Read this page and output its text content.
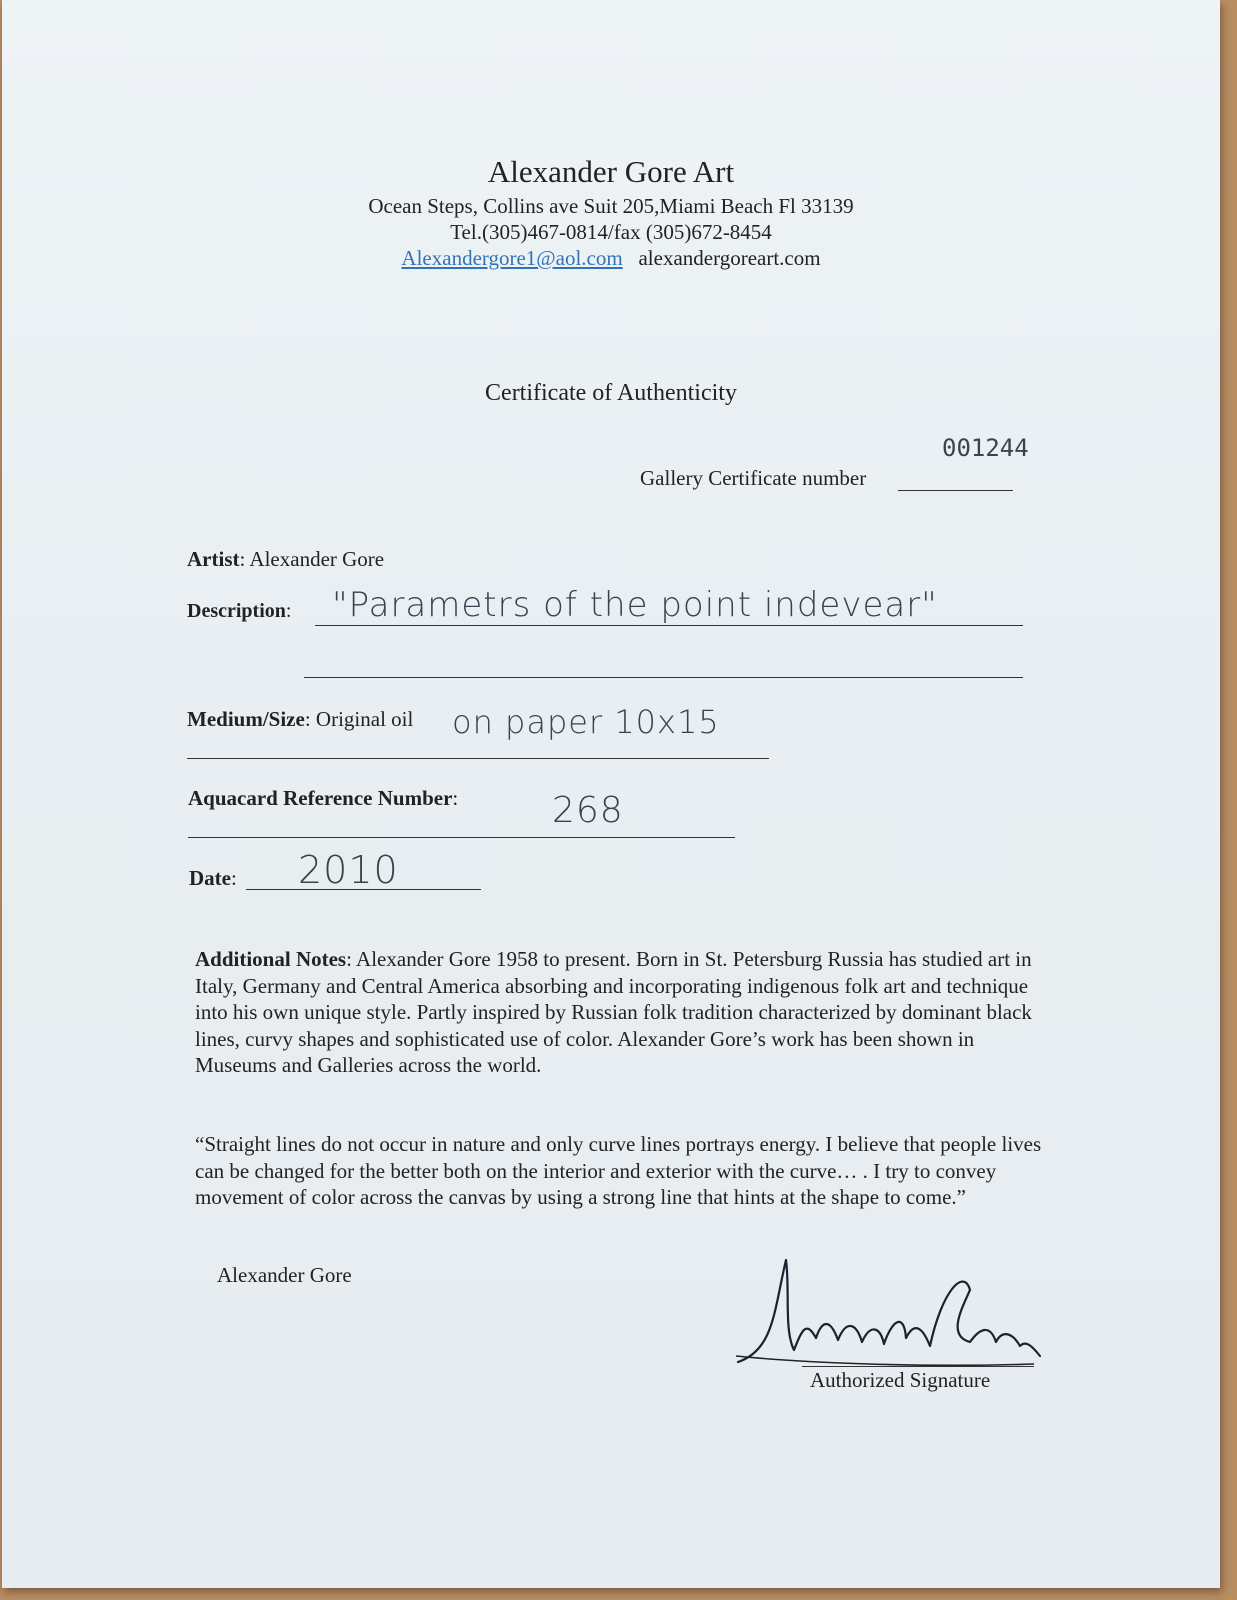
Alexander Gore Art
Ocean Steps, Collins ave Suit 205,Miami Beach Fl 33139
Tel.(305)467-0814/fax (305)672-8454
Alexandergore1@aol.com alexandergoreart.com
Certificate of Authenticity
001244
Gallery Certificate number
Artist: Alexander Gore
Description: "Parametrs of the point indevear"
Medium/Size: Original oil on paper 10x15
Aquacard Reference Number:	268
Date: 2010
Additional Notes: Alexander Gore 1958 to present. Born in St. Petersburg Russia has studied art in Italy, Germany and Central America absorbing and incorporating indigenous folk art and technique into his own unique style. Partly inspired by Russian folk tradition characterized by dominant black lines, curvy shapes and sophisticated use of color. Alexander Gore’s work has been shown in Museums and Galleries across the world.
“Straight lines do not occur in nature and only curve lines portrays energy. I believe that people lives can be changed for the better both on the interior and exterior with the curve… . I try to convey movement of color across the canvas by using a strong line that hints at the shape to come.”
Alexander Gore
Authorized Signature
